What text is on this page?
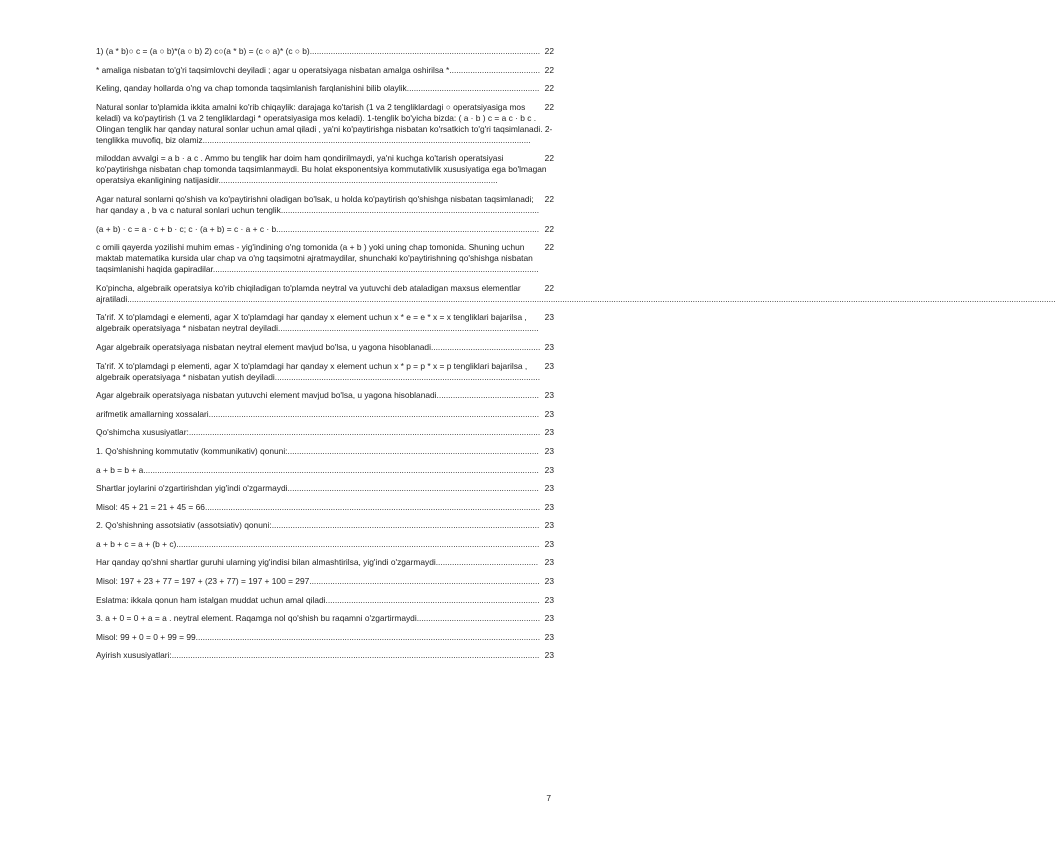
22
1) (a * b)○ c = (a ○ b)*(a ○ b) 2) c○(a * b) = (c ○ a)* (c ○ b)...................................................................................................
22
* amaliga nisbatan to'g'ri taqsimlovchi deyiladi ; agar u operatsiyaga nisbatan amalga oshirilsa *.......................................
22
Keling, qanday hollarda o'ng va chap tomonda taqsimlanish farqlanishini bilib olaylik.........................................................
22
Natural sonlar to'plamida ikkita amalni ko'rib chiqaylik: darajaga ko'tarish (1 va 2 tengliklardagi ○ operatsiyasiga mos keladi) va ko'paytirish (1 va 2 tengliklardagi * operatsiyasiga mos keladi). 1-tenglik bo'yicha bizda: ( a · b ) c = a c · b c . Olingan tenglik har qanday natural sonlar uchun amal qiladi , ya'ni ko'paytirishga nisbatan ko'rsatkich to'g'ri taqsimlanadi. 2-tenglikka muvofiq, biz olamiz.............................................................................................................................................
22
miloddan avvalgi = a b · a c . Ammo bu tenglik har doim ham qondirilmaydi, ya'ni kuchga ko'tarish operatsiyasi ko'paytirishga nisbatan chap tomonda taqsimlanmaydi. Bu holat eksponentsiya kommutativlik xususiyatiga ega bo'lmagan operatsiya ekanligining natijasidir........................................................................................................................
22
Agar natural sonlarni qo'shish va ko'paytirishni oladigan bo'lsak, u holda ko'paytirish qo'shishga nisbatan taqsimlanadi; har qanday a , b va c natural sonlari uchun tenglik...............................................................................................................
22
(a + b) · c = a · c + b · c; c · (a + b) = c · a + c · b.................................................................................................................
22
c omili qayerda yozilishi muhim emas - yig'indining o'ng tomonida (a + b ) yoki uning chap tomonida. Shuning uchun maktab matematika kursida ular chap va o'ng taqsimotni ajratmaydilar, shunchaki ko'paytirishning qo'shishga nisbatan taqsimlanishi haqida gapiradilar............................................................................................................................................
22
Ko'pincha, algebraik operatsiya ko'rib chiqiladigan to'plamda neytral va yutuvchi deb ataladigan maxsus elementlar ajratiladi...............................................................................................................................................................................................................................................................................................................................................................................................................
23
Ta'rif. X to'plamdagi e elementi, agar X to'plamdagi har qanday x element uchun x * e = e * x = x tengliklari bajarilsa , algebraik operatsiyaga * nisbatan neytral deyiladi................................................................................................................
23
Agar algebraik operatsiyaga nisbatan neytral element mavjud bo'lsa, u yagona hisoblanadi...............................................
23
Ta'rif. X to'plamdagi p elementi, agar X to'plamdagi har qanday x element uchun x * p = p * x = p tengliklari bajarilsa , algebraik operatsiyaga * nisbatan yutish deyiladi..................................................................................................................
23
Agar algebraik operatsiyaga nisbatan yutuvchi element mavjud bo'lsa, u yagona hisoblanadi............................................
23
arifmetik amallarning xossalari..............................................................................................................................................
23
Qo'shimcha xususiyatlar:.......................................................................................................................................................
23
1. Qo'shishning kommutativ (kommunikativ) qonuni:............................................................................................................
23
a + b = b + a..........................................................................................................................................................................
23
Shartlar joylarini o'zgartirishdan yig'indi o'zgarmaydi............................................................................................................
23
Misol: 45 + 21 = 21 + 45 = 66................................................................................................................................................
23
2. Qo'shishning assotsiativ (assotsiativ) qonuni:...................................................................................................................
23
a + b + c = a + (b + c)............................................................................................................................................................
23
Har qanday qo'shni shartlar guruhi ularning yig'indisi bilan almashtirilsa, yig'indi o'zgarmaydi............................................
23
Misol: 197 + 23 + 77 = 197 + (23 + 77) = 197 + 100 = 297...................................................................................................
23
Eslatma: ikkala qonun ham istalgan muddat uchun amal qiladi............................................................................................
23
3. a + 0 = 0 + a = a . neytral element. Raqamga nol qo'shish bu raqamni o'zgartirmaydi.....................................................
23
Misol: 99 + 0 = 0 + 99 = 99....................................................................................................................................................
23
Ayirish xususiyatlari:..............................................................................................................................................................
7
